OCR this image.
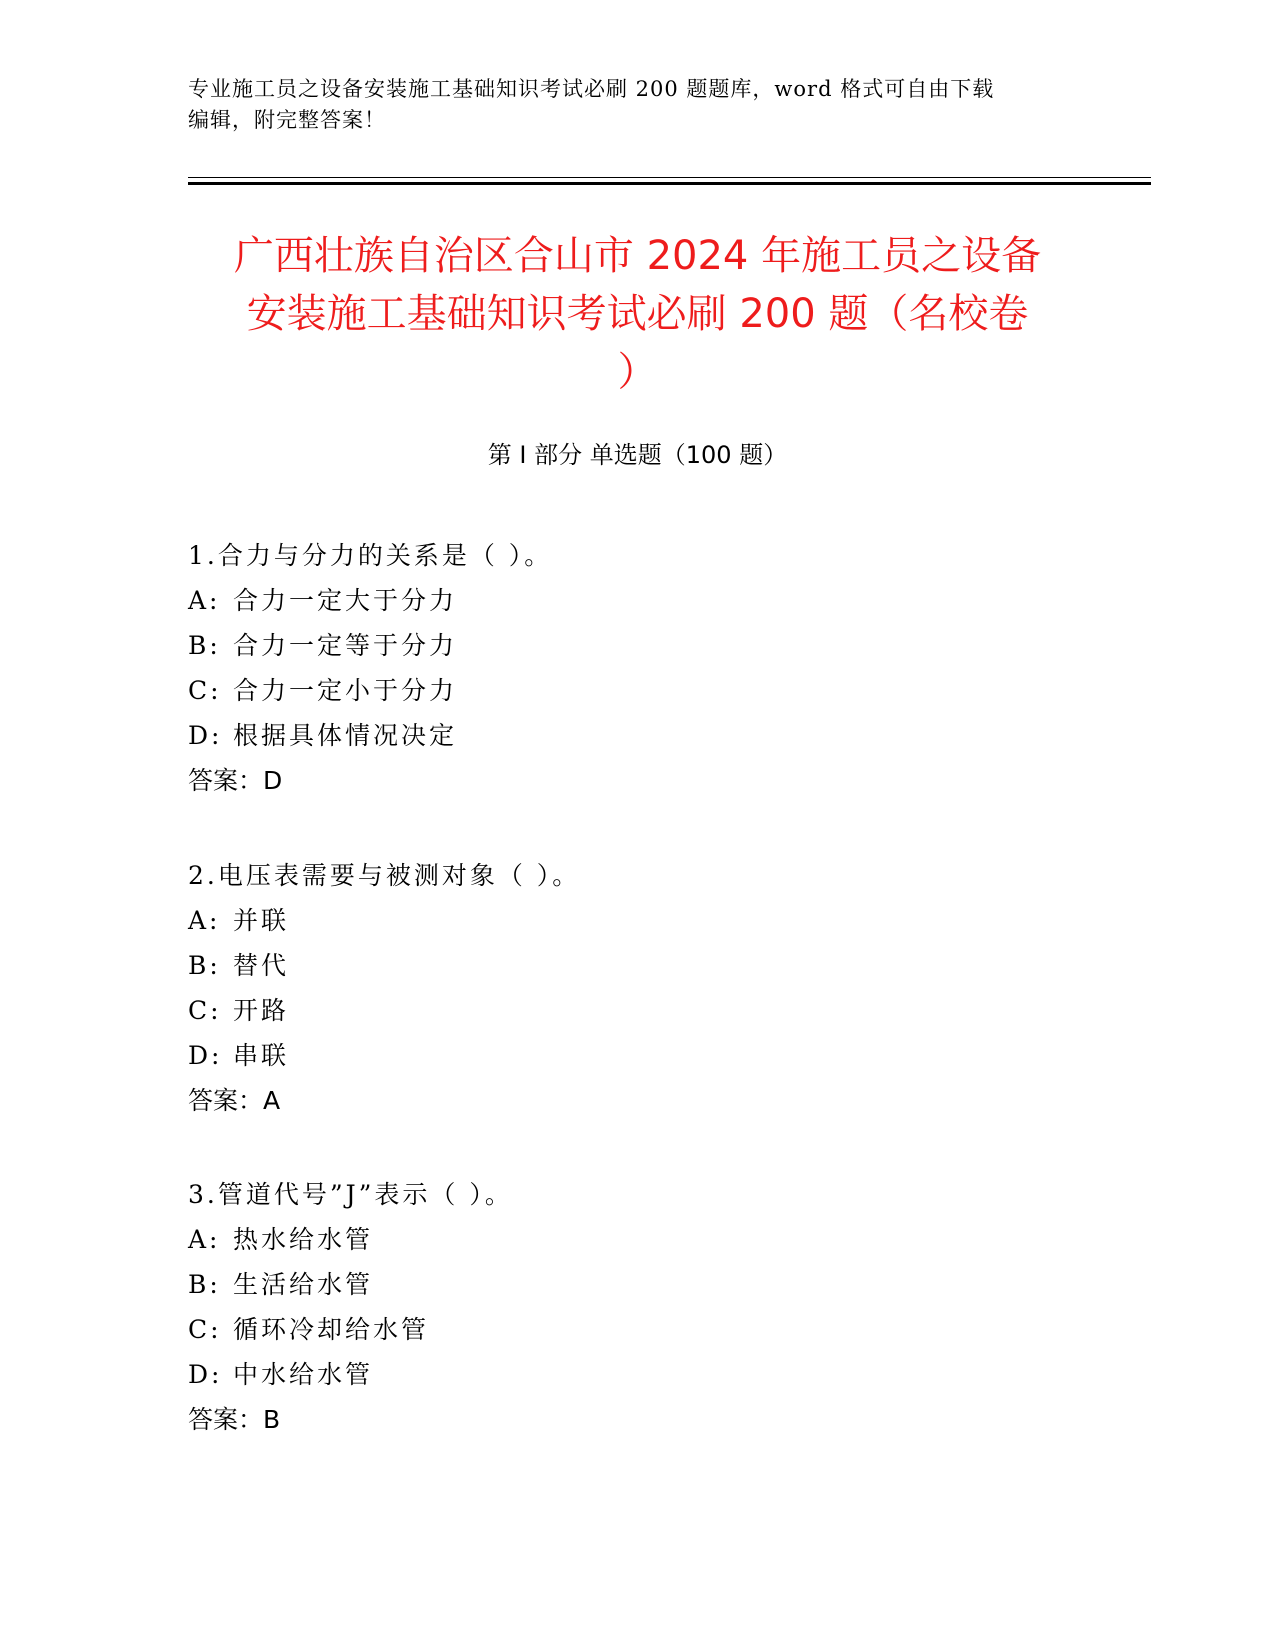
专业施工员之设备安装施工基础知识考试必刷 200 题题库，word 格式可自由下载
编辑，附完整答案！
广西壮族自治区合山市 2024 年施工员之设备
安装施工基础知识考试必刷 200 题（名校卷
）
第 I 部分 单选题（100 题）
1.合力与分力的关系是（ ）。
A: 合力一定大于分力
B: 合力一定等于分力
C: 合力一定小于分力
D: 根据具体情况决定
答案：D
2.电压表需要与被测对象（ ）。
A: 并联
B: 替代
C: 开路
D: 串联
答案：A
3.管道代号”J”表示（ ）。
A: 热水给水管
B: 生活给水管
C: 循环冷却给水管
D: 中水给水管
答案：B
